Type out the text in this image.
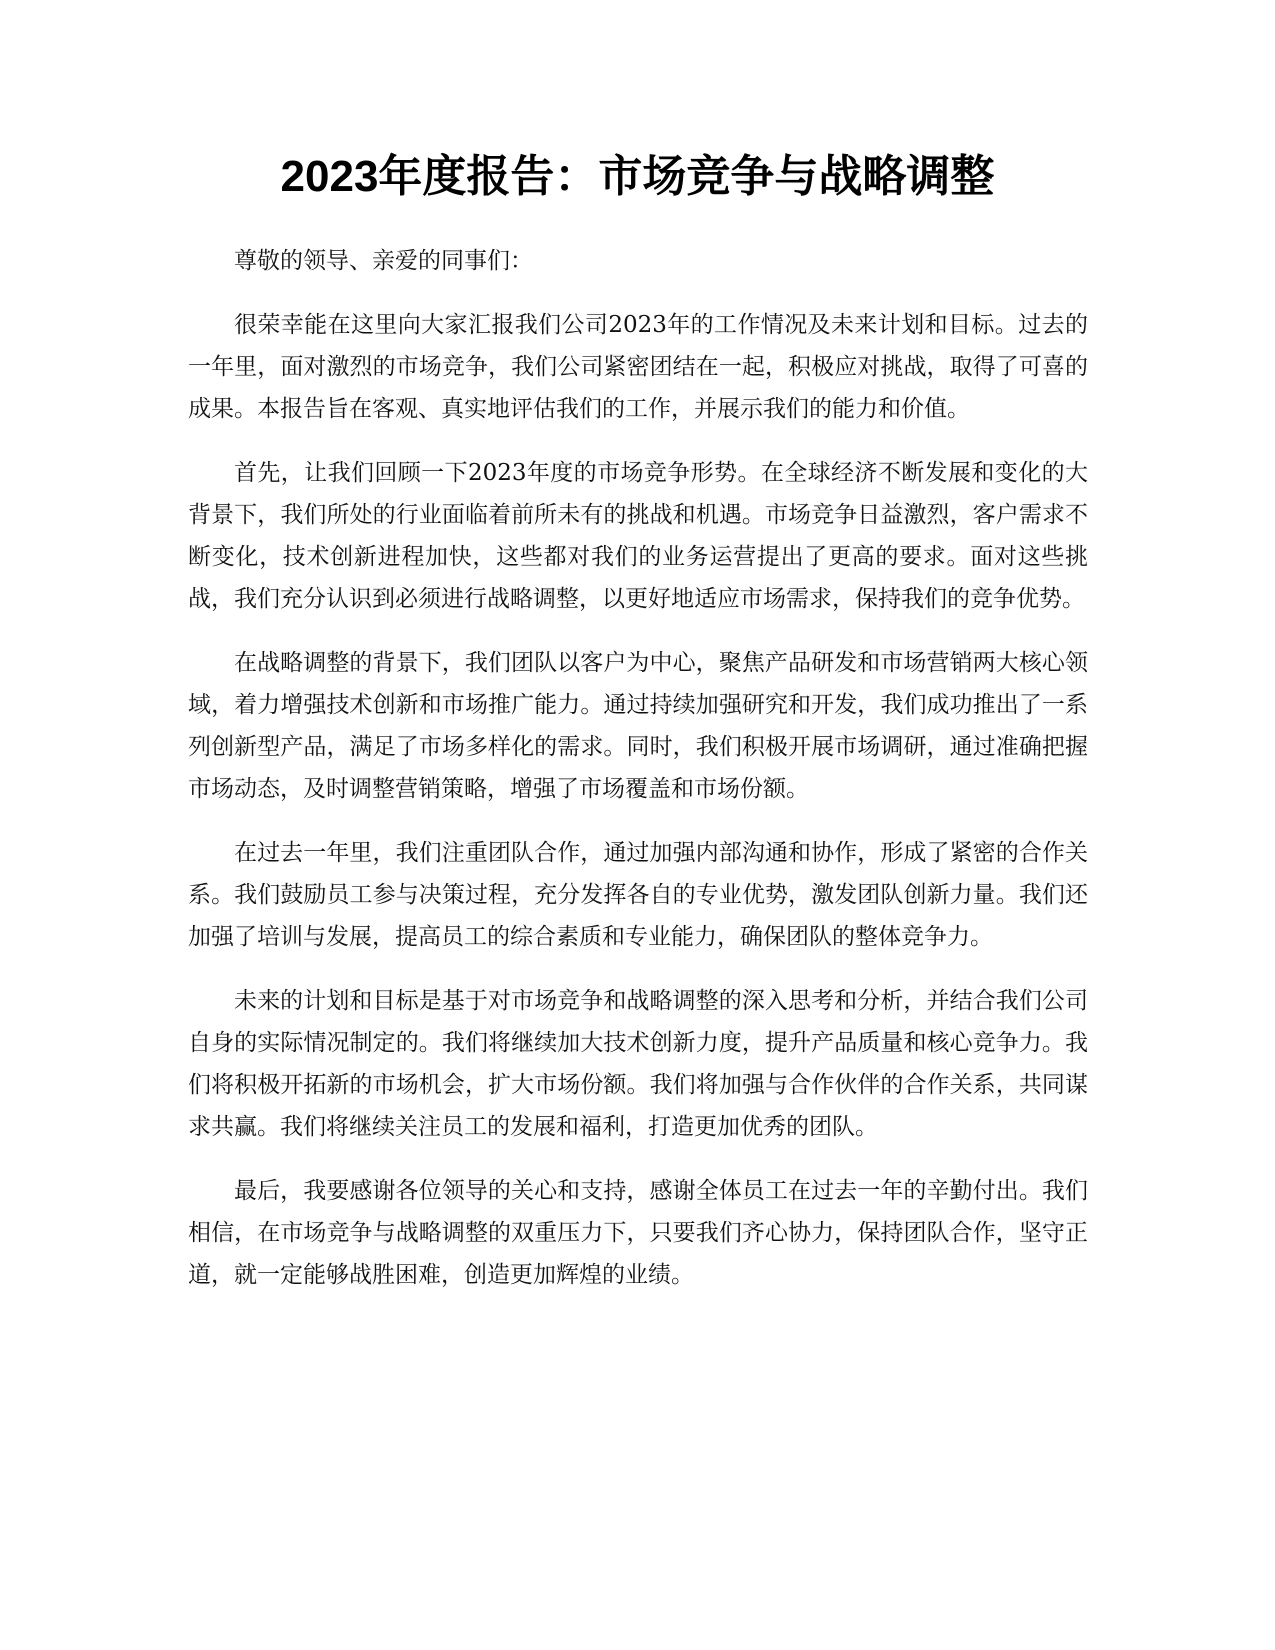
2023年度报告：市场竞争与战略调整

尊敬的领导、亲爱的同事们：

很荣幸能在这里向大家汇报我们公司2023年的工作情况及未来计划和目标。过去的一年里，面对激烈的市场竞争，我们公司紧密团结在一起，积极应对挑战，取得了可喜的成果。本报告旨在客观、真实地评估我们的工作，并展示我们的能力和价值。

首先，让我们回顾一下2023年度的市场竞争形势。在全球经济不断发展和变化的大背景下，我们所处的行业面临着前所未有的挑战和机遇。市场竞争日益激烈，客户需求不断变化，技术创新进程加快，这些都对我们的业务运营提出了更高的要求。面对这些挑战，我们充分认识到必须进行战略调整，以更好地适应市场需求，保持我们的竞争优势。

在战略调整的背景下，我们团队以客户为中心，聚焦产品研发和市场营销两大核心领域，着力增强技术创新和市场推广能力。通过持续加强研究和开发，我们成功推出了一系列创新型产品，满足了市场多样化的需求。同时，我们积极开展市场调研，通过准确把握市场动态，及时调整营销策略，增强了市场覆盖和市场份额。

在过去一年里，我们注重团队合作，通过加强内部沟通和协作，形成了紧密的合作关系。我们鼓励员工参与决策过程，充分发挥各自的专业优势，激发团队创新力量。我们还加强了培训与发展，提高员工的综合素质和专业能力，确保团队的整体竞争力。

未来的计划和目标是基于对市场竞争和战略调整的深入思考和分析，并结合我们公司自身的实际情况制定的。我们将继续加大技术创新力度，提升产品质量和核心竞争力。我们将积极开拓新的市场机会，扩大市场份额。我们将加强与合作伙伴的合作关系，共同谋求共赢。我们将继续关注员工的发展和福利，打造更加优秀的团队。

最后，我要感谢各位领导的关心和支持，感谢全体员工在过去一年的辛勤付出。我们相信，在市场竞争与战略调整的双重压力下，只要我们齐心协力，保持团队合作，坚守正道，就一定能够战胜困难，创造更加辉煌的业绩。
